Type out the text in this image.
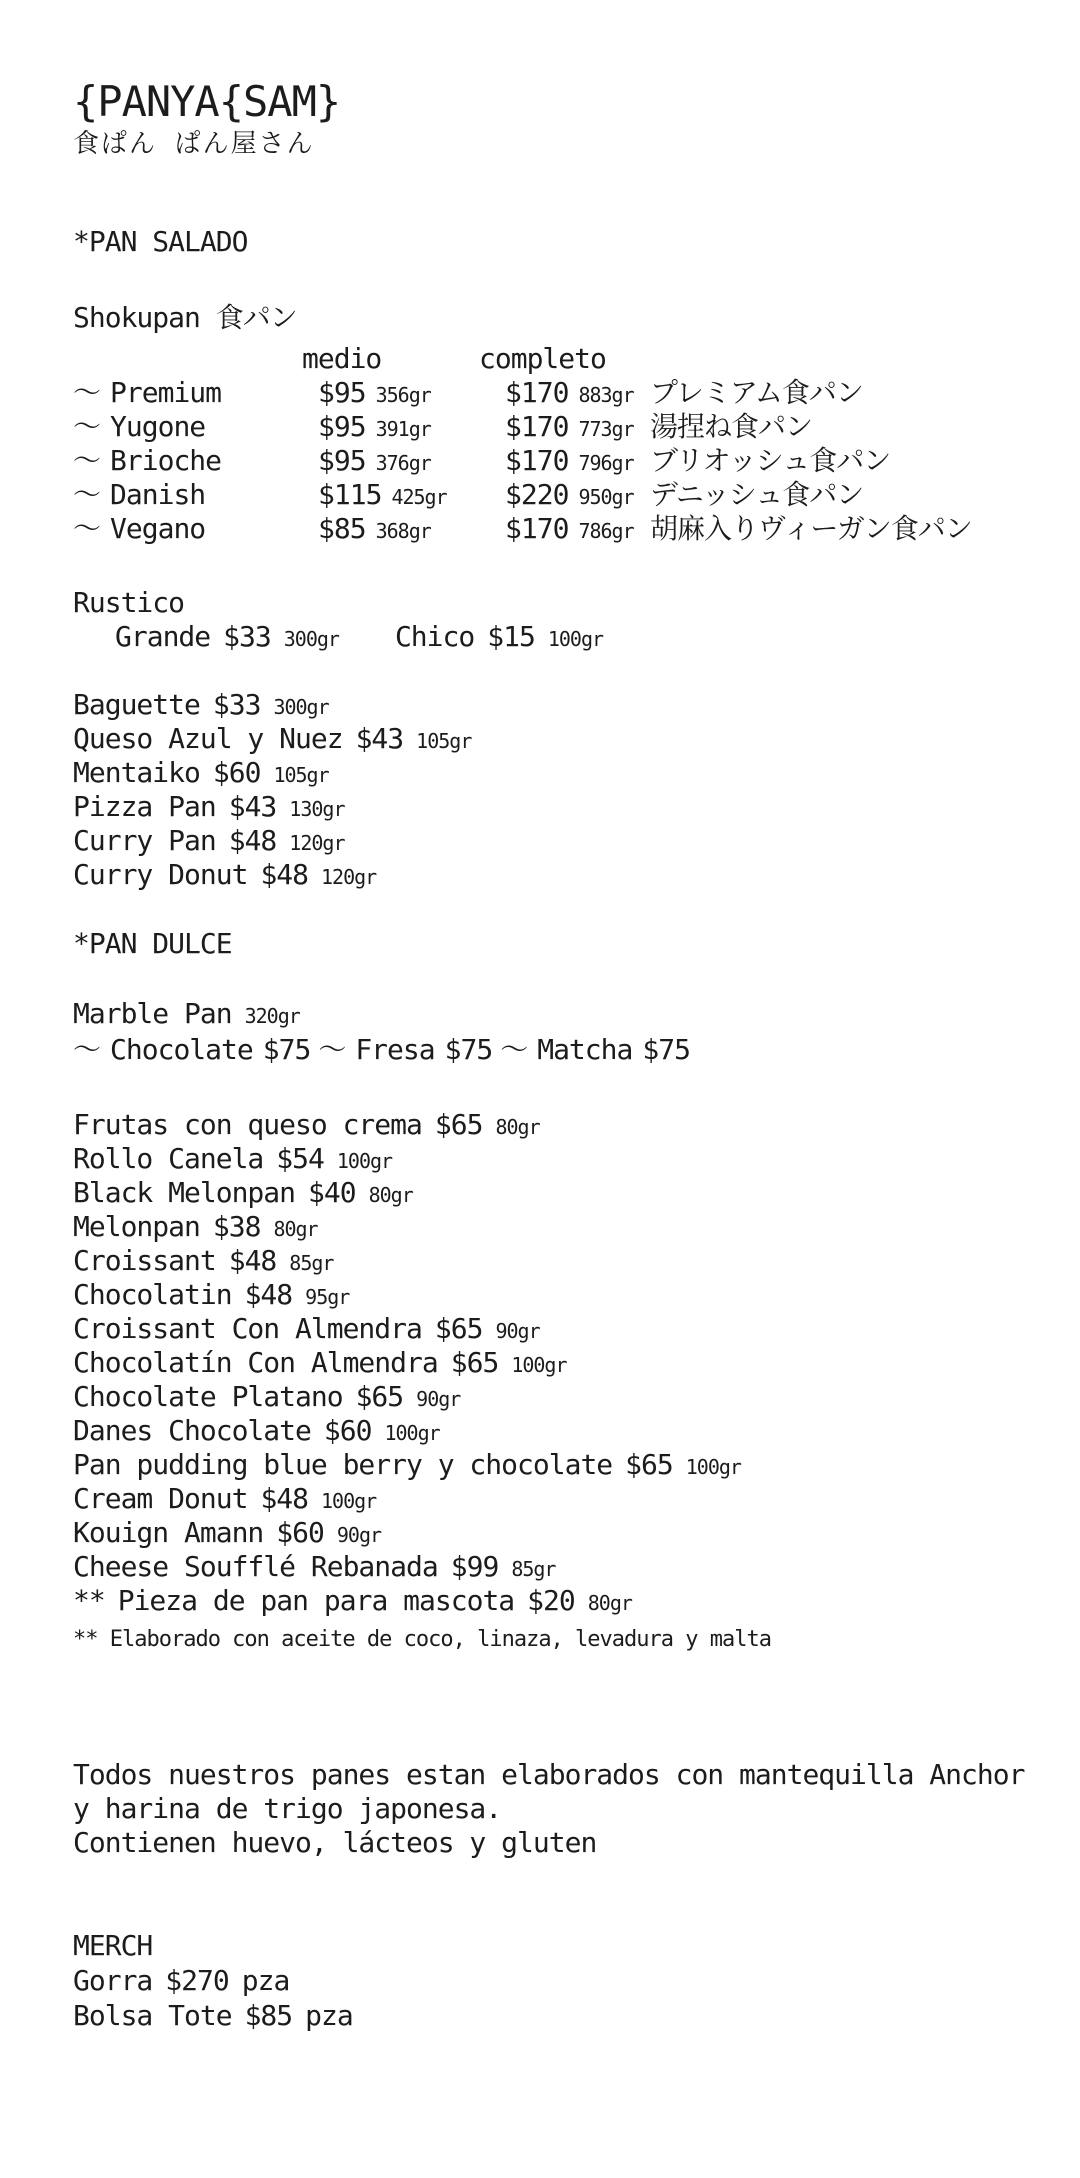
{PANYA{SAM}
食ぱん ぱん屋さん
*PAN SALADO
Shokupan 食パン
medio	completo
〜 Premium	$95 356gr	$170 883gr プレミアム食パン
〜 Yugone	$95 391gr	$170 773gr 湯捏ね食パン
〜 Brioche	$95 376gr	$170 796gr ブリオッシュ食パン
〜 Danish	$115 425gr $220 950gr デニッシュ食パン
〜 Vegano	$85 368gr	$170 786gr 胡麻入りヴィーガン食パン
Rustico
Grande $33 300gr Chico $15 100gr
Baguette $33 300gr
Queso Azul y Nuez $43 105gr
Mentaiko $60 105gr
Pizza Pan $43 130gr
Curry Pan $48 120gr
Curry Donut $48 120gr
*PAN DULCE
Marble Pan 320gr
〜 Chocolate $75 〜 Fresa $75 〜 Matcha $75
Frutas con queso crema $65 80gr
Rollo Canela $54 100gr
Black Melonpan $40 80gr
Melonpan $38 80gr
Croissant $48 85gr
Chocolatin $48 95gr
Croissant Con Almendra $65 90gr
Chocolatín Con Almendra $65 100gr
Chocolate Platano $65 90gr
Danes Chocolate $60 100gr
Pan pudding blue berry y chocolate $65 100gr
Cream Donut $48 100gr
Kouign Amann $60 90gr
Cheese Soufflé Rebanada $99 85gr
** Pieza de pan para mascota $20 80gr
** Elaborado con aceite de coco, linaza, levadura y malta
Todos nuestros panes estan elaborados con mantequilla Anchor
y harina de trigo japonesa.
Contienen huevo, lácteos y gluten
MERCH
Gorra $270 pza
Bolsa Tote $85 pza
